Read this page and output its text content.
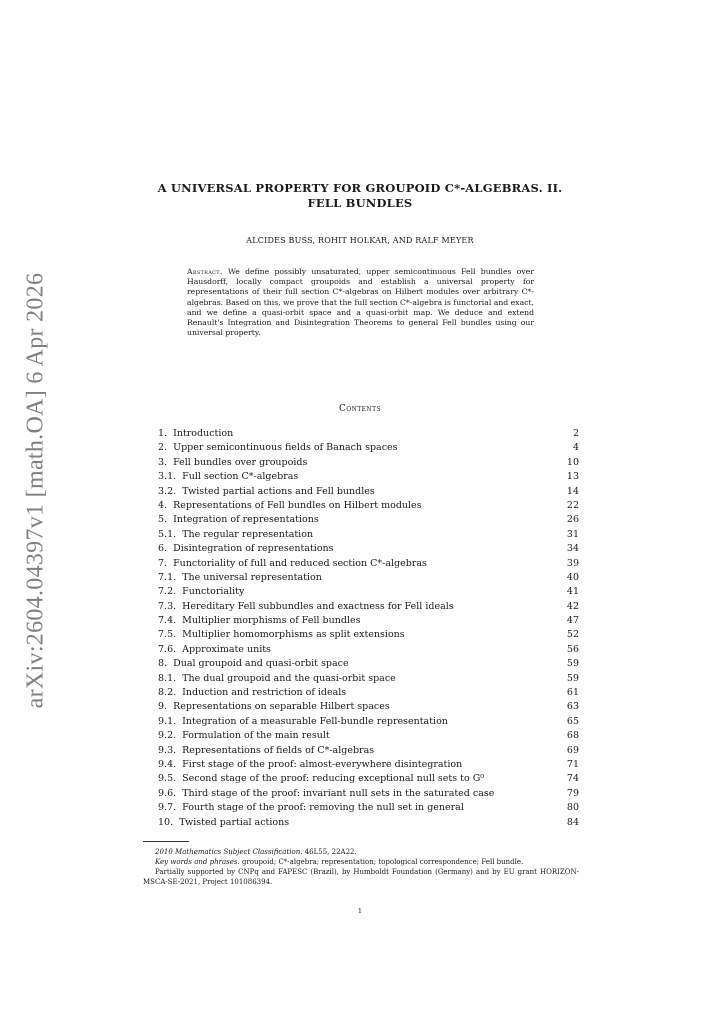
arXiv:2604.04397v1 [math.OA] 6 Apr 2026
A UNIVERSAL PROPERTY FOR GROUPOID C*-ALGEBRAS. II.
FELL BUNDLES
ALCIDES BUSS, ROHIT HOLKAR, AND RALF MEYER
Abstract. We define possibly unsaturated, upper semicontinuous Fell bundles over Hausdorff, locally compact groupoids and establish a universal property for representations of their full section C*-algebras on Hilbert modules over arbitrary C*-algebras. Based on this, we prove that the full section C*-algebra is functorial and exact, and we define a quasi-orbit space and a quasi-orbit map. We deduce and extend Renault's Integration and Disintegration Theorems to general Fell bundles using our universal property.
Contents
1. Introduction	2
2. Upper semicontinuous fields of Banach spaces	4
3. Fell bundles over groupoids	10
3.1. Full section C*-algebras	13
3.2. Twisted partial actions and Fell bundles	14
4. Representations of Fell bundles on Hilbert modules	22
5. Integration of representations	26
5.1. The regular representation	31
6. Disintegration of representations	34
7. Functoriality of full and reduced section C*-algebras	39
7.1. The universal representation	40
7.2. Functoriality	41
7.3. Hereditary Fell subbundles and exactness for Fell ideals	42
7.4. Multiplier morphisms of Fell bundles	47
7.5. Multiplier homomorphisms as split extensions	52
7.6. Approximate units	56
8. Dual groupoid and quasi-orbit space	59
8.1. The dual groupoid and the quasi-orbit space	59
8.2. Induction and restriction of ideals	61
9. Representations on separable Hilbert spaces	63
9.1. Integration of a measurable Fell-bundle representation	65
9.2. Formulation of the main result	68
9.3. Representations of fields of C*-algebras	69
9.4. First stage of the proof: almost-everywhere disintegration	71
9.5. Second stage of the proof: reducing exceptional null sets to G⁰	74
9.6. Third stage of the proof: invariant null sets in the saturated case	79
9.7. Fourth stage of the proof: removing the null set in general	80
10. Twisted partial actions	84

2010 Mathematics Subject Classification. 46L55, 22A22.

Key words and phrases. groupoid; C*-algebra; representation; topological correspondence; Fell bundle.

Partially supported by CNPq and FAPESC (Brazil), by Humboldt Foundation (Germany) and by EU grant HORIZON-MSCA-SE-2021, Project 101086394.

1
